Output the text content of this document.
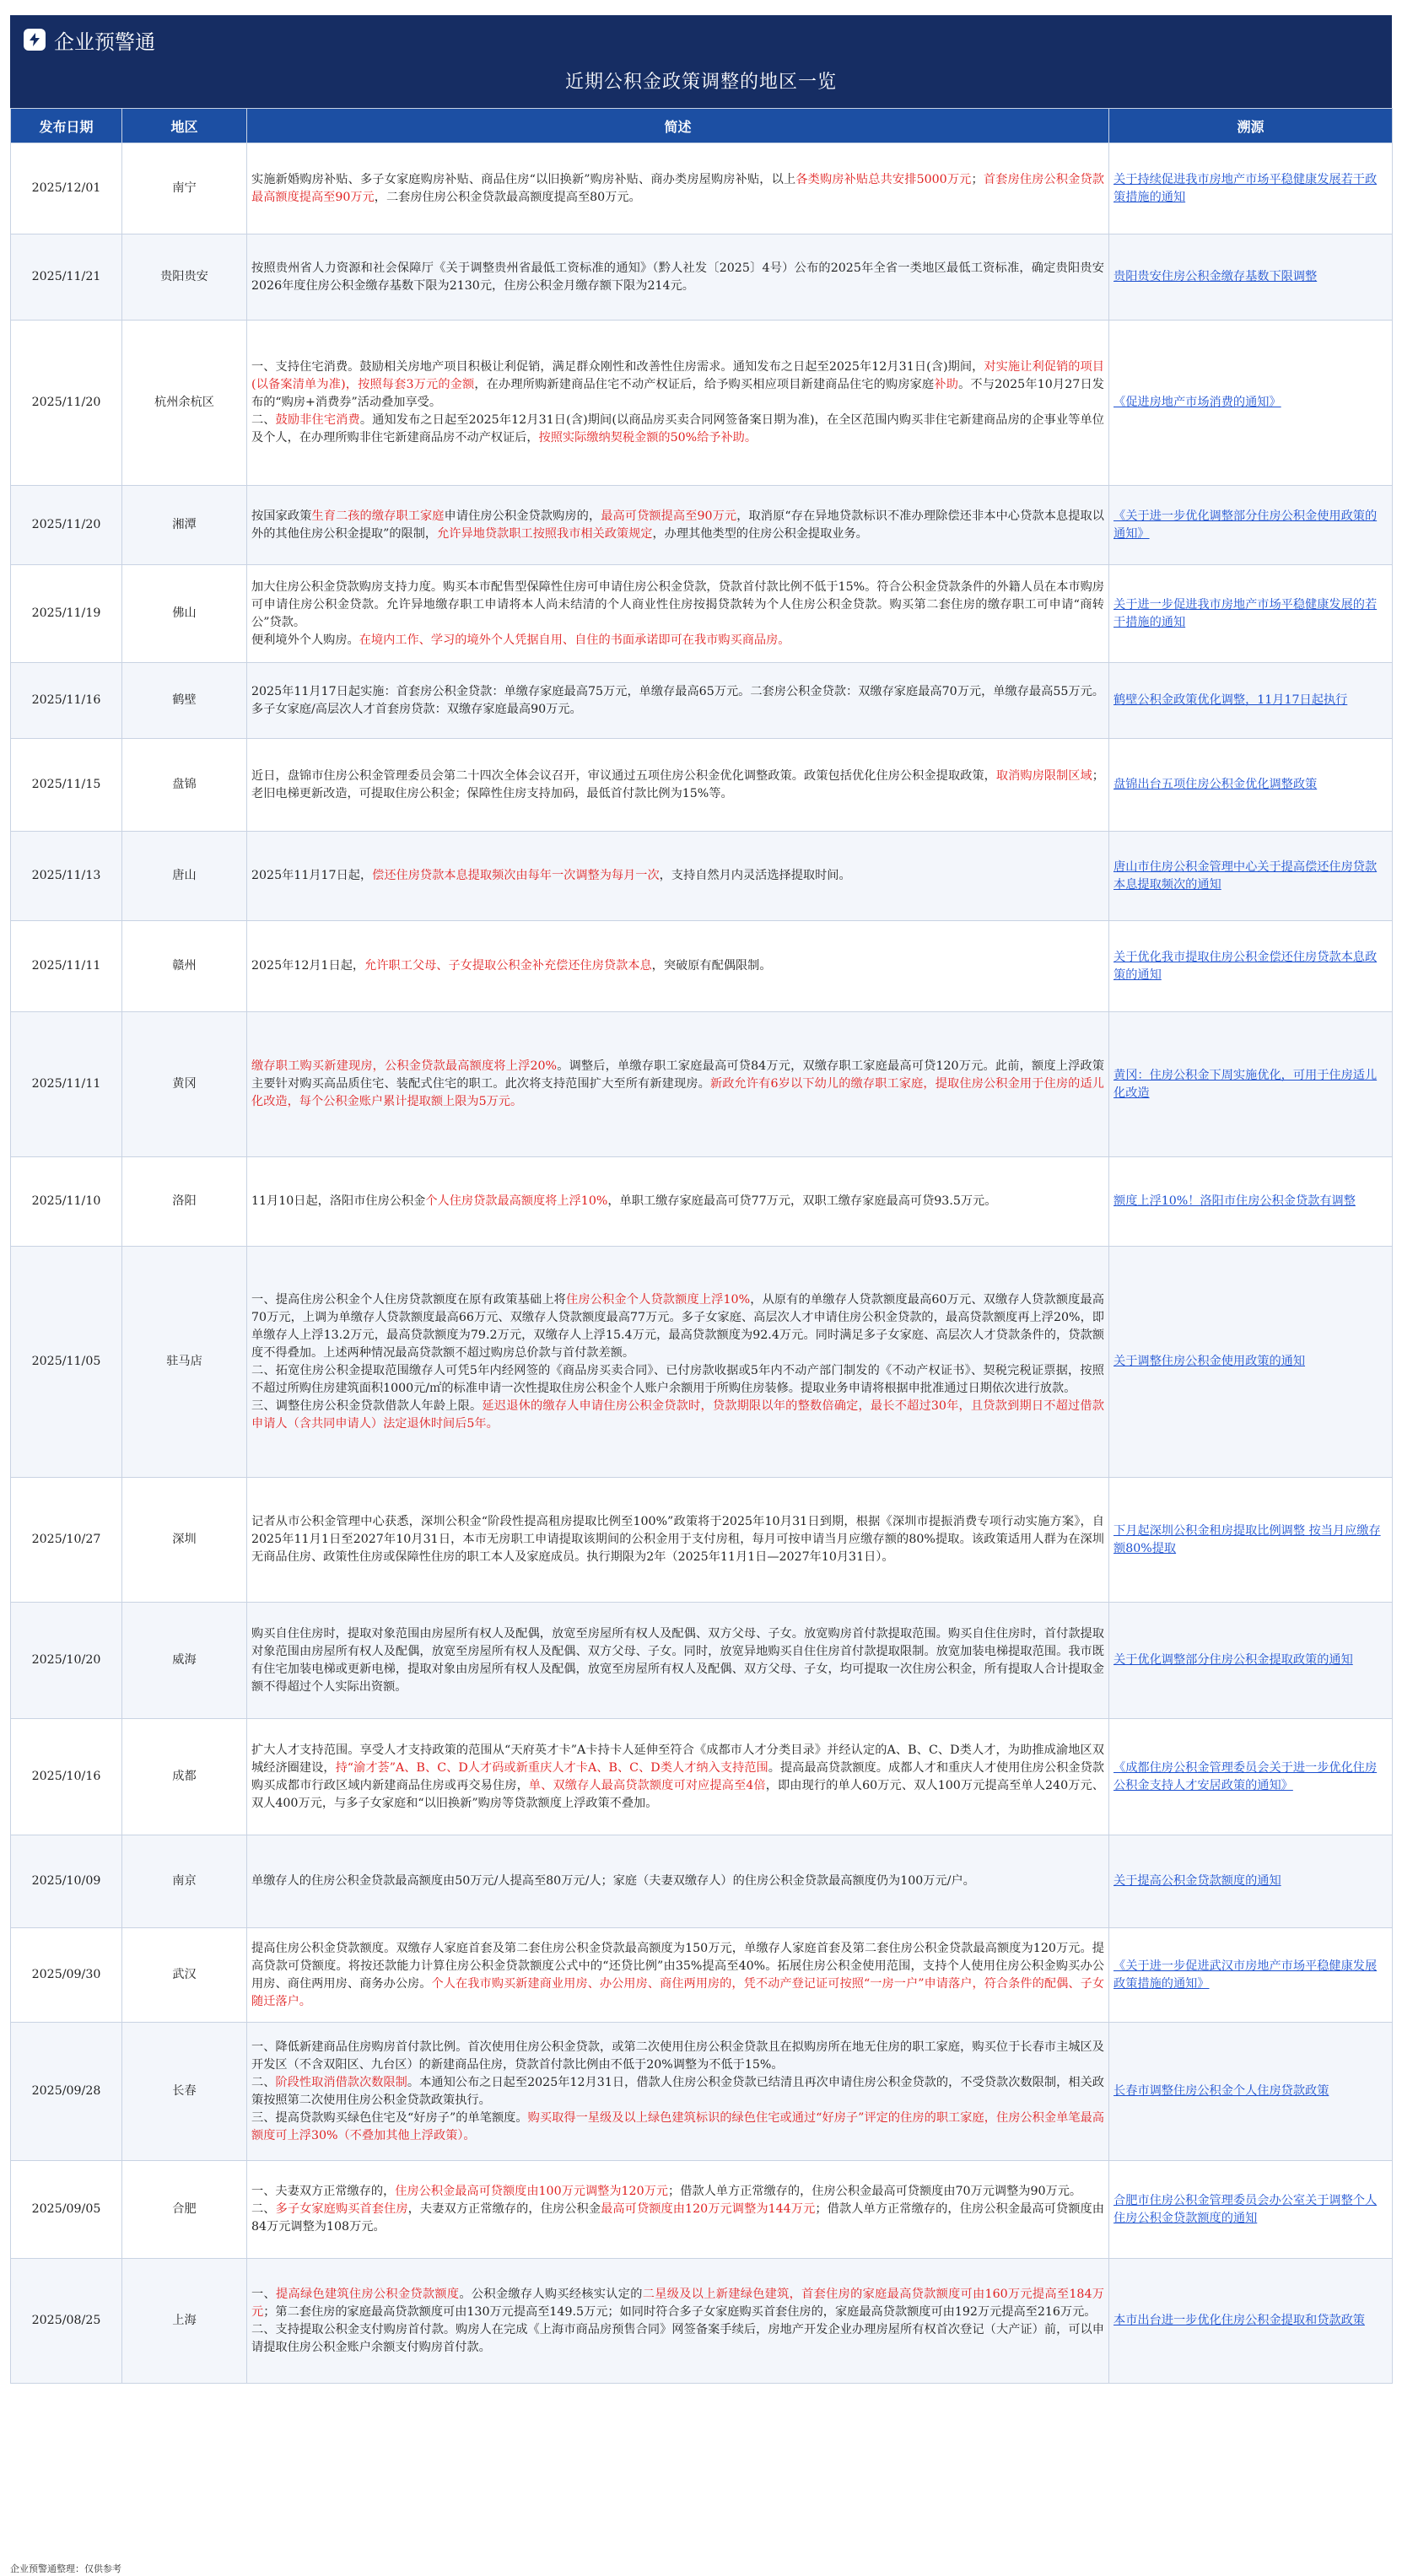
企业预警通
近期公积金政策调整的地区一览
发布日期	地区	简述	溯源
2025/12/01	南宁	实施新婚购房补贴、多子女家庭购房补贴、商品住房“以旧换新”购房补贴、商办类房屋购房补贴，以上各类购房补贴总共安排5000万元；首套房住房公积金贷款最高额度提高至90万元，二套房住房公积金贷款最高额度提高至80万元。	关于持续促进我市房地产市场平稳健康发展若干政策措施的通知
2025/11/21	贵阳贵安	按照贵州省人力资源和社会保障厅《关于调整贵州省最低工资标准的通知》（黔人社发〔2025〕4号）公布的2025年全省一类地区最低工资标准，确定贵阳贵安2026年度住房公积金缴存基数下限为2130元，住房公积金月缴存额下限为214元。	贵阳贵安住房公积金缴存基数下限调整
2025/11/20	杭州余杭区	一、支持住宅消费。鼓励相关房地产项目积极让利促销，满足群众刚性和改善性住房需求。通知发布之日起至2025年12月31日(含)期间，对实施让利促销的项目(以备案清单为准)，按照每套3万元的金额，在办理所购新建商品住宅不动产权证后，给予购买相应项目新建商品住宅的购房家庭补助。不与2025年10月27日发布的“购房+消费券”活动叠加享受。
二、鼓励非住宅消费。通知发布之日起至2025年12月31日(含)期间(以商品房买卖合同网签备案日期为准)，在全区范围内购买非住宅新建商品房的企事业等单位及个人，在办理所购非住宅新建商品房不动产权证后，按照实际缴纳契税金额的50%给予补助。	《促进房地产市场消费的通知》
2025/11/20	湘潭	按国家政策生育二孩的缴存职工家庭申请住房公积金贷款购房的，最高可贷额提高至90万元，取消原“存在异地贷款标识不准办理除偿还非本中心贷款本息提取以外的其他住房公积金提取”的限制，允许异地贷款职工按照我市相关政策规定，办理其他类型的住房公积金提取业务。	《关于进一步优化调整部分住房公积金使用政策的通知》
2025/11/19	佛山	加大住房公积金贷款购房支持力度。购买本市配售型保障性住房可申请住房公积金贷款，贷款首付款比例不低于15%。符合公积金贷款条件的外籍人员在本市购房可申请住房公积金贷款。允许异地缴存职工申请将本人尚未结清的个人商业性住房按揭贷款转为个人住房公积金贷款。购买第二套住房的缴存职工可申请“商转公”贷款。
便利境外个人购房。在境内工作、学习的境外个人凭据自用、自住的书面承诺即可在我市购买商品房。	关于进一步促进我市房地产市场平稳健康发展的若干措施的通知
2025/11/16	鹤壁	2025年11月17日起实施：首套房公积金贷款：单缴存家庭最高75万元，单缴存最高65万元。二套房公积金贷款：双缴存家庭最高70万元，单缴存最高55万元。多子女家庭/高层次人才首套房贷款：双缴存家庭最高90万元。	鹤壁公积金政策优化调整，11月17日起执行
2025/11/15	盘锦	近日，盘锦市住房公积金管理委员会第二十四次全体会议召开，审议通过五项住房公积金优化调整政策。政策包括优化住房公积金提取政策，取消购房限制区域；老旧电梯更新改造，可提取住房公积金；保障性住房支持加码，最低首付款比例为15%等。	盘锦出台五项住房公积金优化调整政策
2025/11/13	唐山	2025年11月17日起，偿还住房贷款本息提取频次由每年一次调整为每月一次，支持自然月内灵活选择提取时间。	唐山市住房公积金管理中心关于提高偿还住房贷款本息提取频次的通知
2025/11/11	赣州	2025年12月1日起，允许职工父母、子女提取公积金补充偿还住房贷款本息，突破原有配偶限制。	关于优化我市提取住房公积金偿还住房贷款本息政策的通知
2025/11/11	黄冈	缴存职工购买新建现房，公积金贷款最高额度将上浮20%。调整后，单缴存职工家庭最高可贷84万元，双缴存职工家庭最高可贷120万元。此前，额度上浮政策主要针对购买高品质住宅、装配式住宅的职工。此次将支持范围扩大至所有新建现房。新政允许有6岁以下幼儿的缴存职工家庭，提取住房公积金用于住房的适儿化改造，每个公积金账户累计提取额上限为5万元。	黄冈：住房公积金下周实施优化，可用于住房适儿化改造
2025/11/10	洛阳	11月10日起，洛阳市住房公积金个人住房贷款最高额度将上浮10%，单职工缴存家庭最高可贷77万元，双职工缴存家庭最高可贷93.5万元。	额度上浮10%！洛阳市住房公积金贷款有调整
2025/11/05	驻马店	一、提高住房公积金个人住房贷款额度在原有政策基础上将住房公积金个人贷款额度上浮10%，从原有的单缴存人贷款额度最高60万元、双缴存人贷款额度最高70万元，上调为单缴存人贷款额度最高66万元、双缴存人贷款额度最高77万元。多子女家庭、高层次人才申请住房公积金贷款的，最高贷款额度再上浮20%，即单缴存人上浮13.2万元，最高贷款额度为79.2万元，双缴存人上浮15.4万元，最高贷款额度为92.4万元。同时满足多子女家庭、高层次人才贷款条件的，贷款额度不得叠加。上述两种情况最高贷款额不超过购房总价款与首付款差额。
二、拓宽住房公积金提取范围缴存人可凭5年内经网签的《商品房买卖合同》、已付房款收据或5年内不动产部门制发的《不动产权证书》、契税完税证票据，按照不超过所购住房建筑面积1000元/㎡的标准申请一次性提取住房公积金个人账户余额用于所购住房装修。提取业务申请将根据申批准通过日期依次进行放款。
三、调整住房公积金贷款借款人年龄上限。延迟退休的缴存人申请住房公积金贷款时，贷款期限以年的整数倍确定，最长不超过30年，且贷款到期日不超过借款申请人（含共同申请人）法定退休时间后5年。	关于调整住房公积金使用政策的通知
2025/10/27	深圳	记者从市公积金管理中心获悉，深圳公积金“阶段性提高租房提取比例至100%”政策将于2025年10月31日到期，根据《深圳市提振消费专项行动实施方案》，自2025年11月1日至2027年10月31日，本市无房职工申请提取该期间的公积金用于支付房租，每月可按申请当月应缴存额的80%提取。该政策适用人群为在深圳无商品住房、政策性住房或保障性住房的职工本人及家庭成员。执行期限为2年（2025年11月1日—2027年10月31日）。	下月起深圳公积金租房提取比例调整 按当月应缴存额80%提取
2025/10/20	威海	购买自住住房时，提取对象范围由房屋所有权人及配偶，放宽至房屋所有权人及配偶、双方父母、子女。放宽购房首付款提取范围。购买自住住房时，首付款提取对象范围由房屋所有权人及配偶，放宽至房屋所有权人及配偶、双方父母、子女。同时，放宽异地购买自住住房首付款提取限制。放宽加装电梯提取范围。我市既有住宅加装电梯或更新电梯，提取对象由房屋所有权人及配偶，放宽至房屋所有权人及配偶、双方父母、子女，均可提取一次住房公积金，所有提取人合计提取金额不得超过个人实际出资额。	关于优化调整部分住房公积金提取政策的通知
2025/10/16	成都	扩大人才支持范围。享受人才支持政策的范围从“天府英才卡”A卡持卡人延伸至符合《成都市人才分类目录》并经认定的A、B、C、D类人才，为助推成渝地区双城经济圈建设，持“渝才荟”A、B、C、D人才码或新重庆人才卡A、B、C、D类人才纳入支持范围。提高最高贷款额度。成都人才和重庆人才使用住房公积金贷款购买成都市行政区域内新建商品住房或再交易住房，单、双缴存人最高贷款额度可对应提高至4倍，即由现行的单人60万元、双人100万元提高至单人240万元、双人400万元，与多子女家庭和“以旧换新”购房等贷款额度上浮政策不叠加。	《成都住房公积金管理委员会关于进一步优化住房公积金支持人才安居政策的通知》
2025/10/09	南京	单缴存人的住房公积金贷款最高额度由50万元/人提高至80万元/人；家庭（夫妻双缴存人）的住房公积金贷款最高额度仍为100万元/户。	关于提高公积金贷款额度的通知
2025/09/30	武汉	提高住房公积金贷款额度。双缴存人家庭首套及第二套住房公积金贷款最高额度为150万元，单缴存人家庭首套及第二套住房公积金贷款最高额度为120万元。提高贷款可贷额度。将按还款能力计算住房公积金贷款额度公式中的“还贷比例”由35%提高至40%。拓展住房公积金使用范围，支持个人使用住房公积金购买办公用房、商住两用房、商务办公房。个人在我市购买新建商业用房、办公用房、商住两用房的，凭不动产登记证可按照“一房一户”申请落户，符合条件的配偶、子女随迁落户。	《关于进一步促进武汉市房地产市场平稳健康发展政策措施的通知》
2025/09/28	长春	一、降低新建商品住房购房首付款比例。首次使用住房公积金贷款，或第二次使用住房公积金贷款且在拟购房所在地无住房的职工家庭，购买位于长春市主城区及开发区（不含双阳区、九台区）的新建商品住房，贷款首付款比例由不低于20%调整为不低于15%。
二、阶段性取消借款次数限制。本通知公布之日起至2025年12月31日，借款人住房公积金贷款已结清且再次申请住房公积金贷款的，不受贷款次数限制，相关政策按照第二次使用住房公积金贷款政策执行。
三、提高贷款购买绿色住宅及“好房子”的单笔额度。购买取得一星级及以上绿色建筑标识的绿色住宅或通过“好房子”评定的住房的职工家庭，住房公积金单笔最高额度可上浮30%（不叠加其他上浮政策）。	长春市调整住房公积金个人住房贷款政策
2025/09/05	合肥	一、夫妻双方正常缴存的，住房公积金最高可贷额度由100万元调整为120万元；借款人单方正常缴存的，住房公积金最高可贷额度由70万元调整为90万元。
二、多子女家庭购买首套住房，夫妻双方正常缴存的，住房公积金最高可贷额度由120万元调整为144万元；借款人单方正常缴存的，住房公积金最高可贷额度由84万元调整为108万元。	合肥市住房公积金管理委员会办公室关于调整个人住房公积金贷款额度的通知
2025/08/25	上海	一、提高绿色建筑住房公积金贷款额度。公积金缴存人购买经核实认定的二星级及以上新建绿色建筑，首套住房的家庭最高贷款额度可由160万元提高至184万元；第二套住房的家庭最高贷款额度可由130万元提高至149.5万元；如同时符合多子女家庭购买首套住房的，家庭最高贷款额度可由192万元提高至216万元。
二、支持提取公积金支付购房首付款。购房人在完成《上海市商品房预售合同》网签备案手续后，房地产开发企业办理房屋所有权首次登记（大产证）前，可以申请提取住房公积金账户余额支付购房首付款。	本市出台进一步优化住房公积金提取和贷款政策
企业预警通整理：仅供参考
